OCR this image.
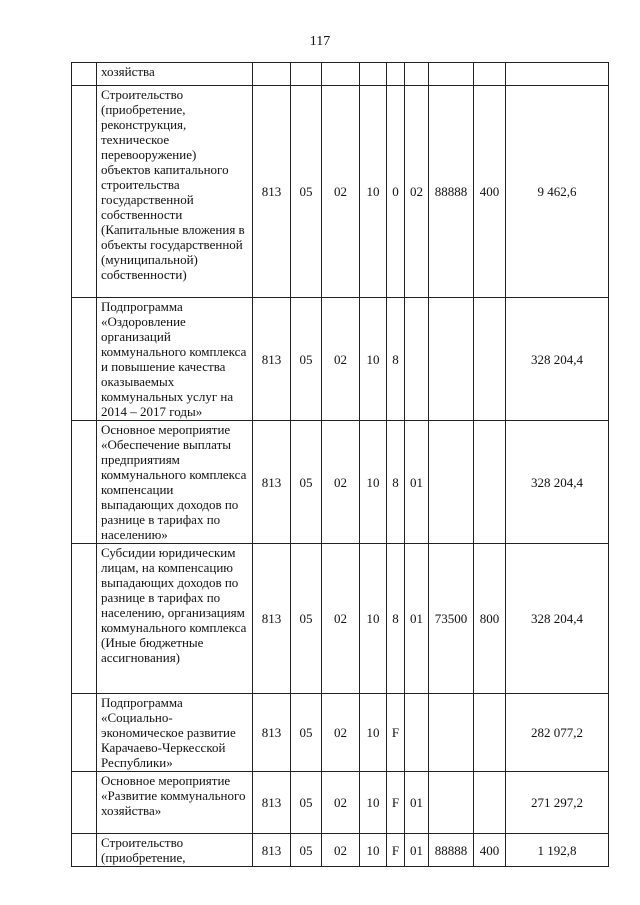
117
	хозяйства									
	Строительство (приобретение, реконструкция, техническое перевооружение) объектов капитального строительства государственной собственности (Капитальные вложения в объекты государственной (муниципальной) собственности)	813	05	02	10	0	02	88888	400	9 462,6
	Подпрограмма «Оздоровление организаций коммунального комплекса и повышение качества оказываемых коммунальных услуг на 2014 – 2017 годы»	813	05	02	10	8				328 204,4
	Основное мероприятие «Обеспечение выплаты предприятиям коммунального комплекса компенсации выпадающих доходов по разнице в тарифах по населению»	813	05	02	10	8	01			328 204,4
	Субсидии юридическим лицам, на компенсацию выпадающих доходов по разнице в тарифах по населению, организациям коммунального комплекса (Иные бюджетные ассигнования)	813	05	02	10	8	01	73500	800	328 204,4
	Подпрограмма «Социально-экономическое развитие Карачаево-Черкесской Республики»	813	05	02	10	F				282 077,2
	Основное мероприятие «Развитие коммунального хозяйства»	813	05	02	10	F	01			271 297,2
	Строительство (приобретение,	813	05	02	10	F	01	88888	400	1 192,8
